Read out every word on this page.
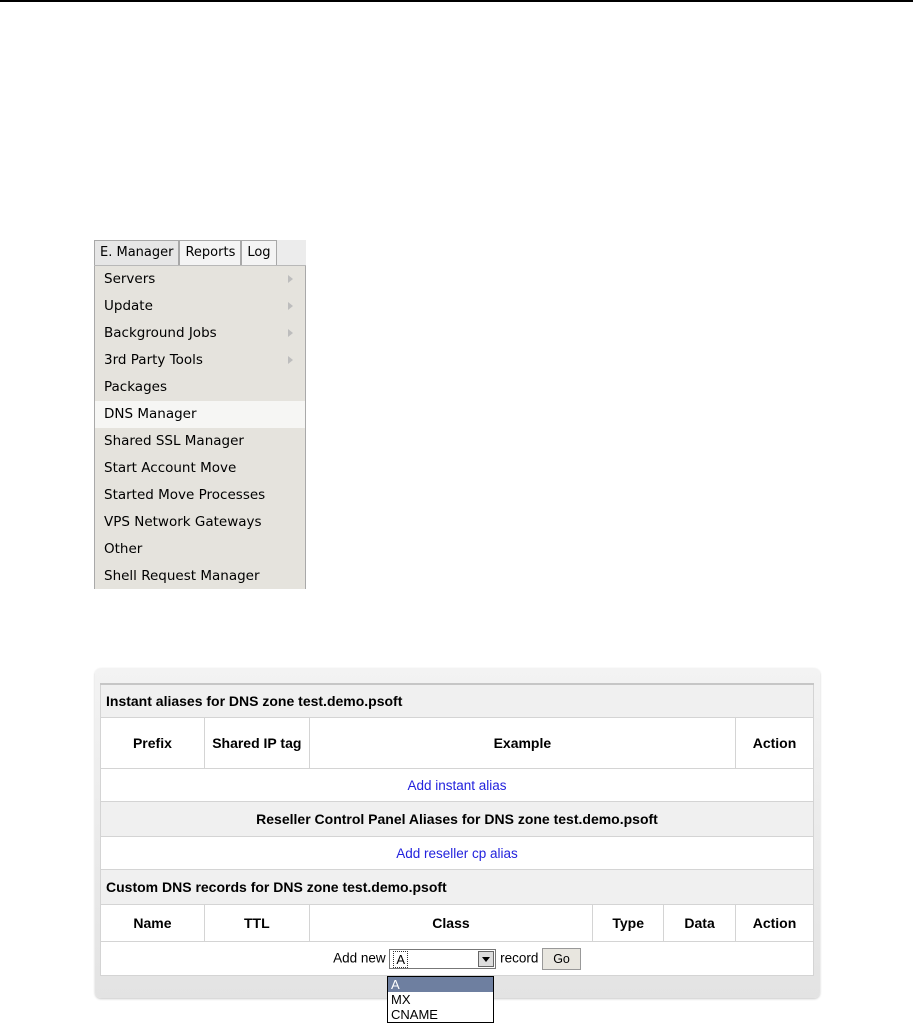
E. Manager Reports Log
Servers
Update
Background Jobs
3rd Party Tools
Packages
DNS Manager
Shared SSL Manager
Start Account Move
Started Move Processes
VPS Network Gateways
Other
Shell Request Manager
Instant aliases for DNS zone test.demo.psoft					
Prefix	Shared IP tag	Example			Action
Add instant alias					
Reseller Control Panel Aliases for DNS zone test.demo.psoft					
Add reseller cp alias					
Custom DNS records for DNS zone test.demo.psoft					
Name	TTL	Class	Type	Data	Action
Add new A record Go					
A
MX
CNAME
